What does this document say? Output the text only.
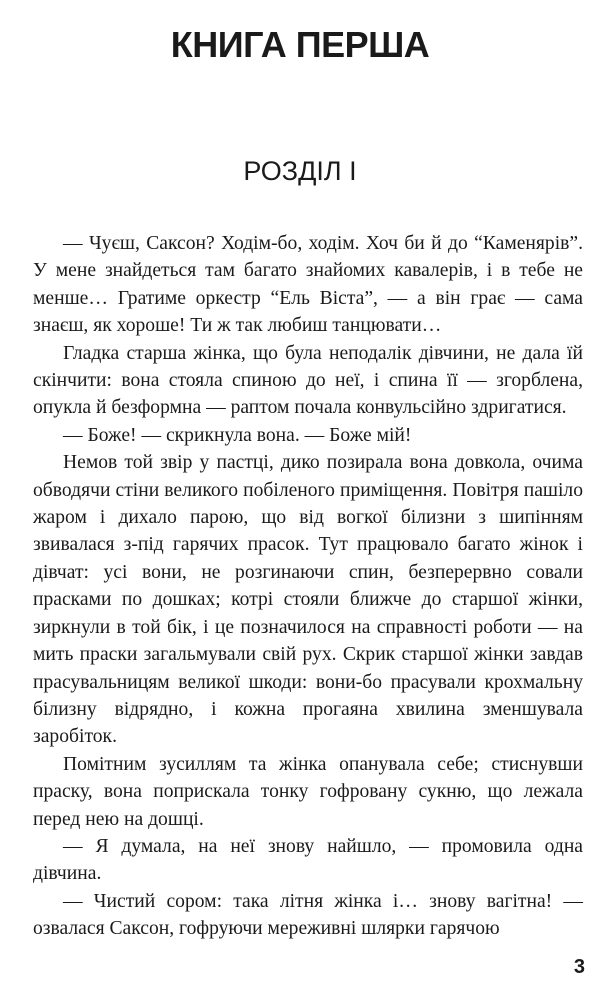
КНИГА ПЕРША
РОЗДІЛ І

— Чуєш, Саксон? Ходім-бо, ходім. Хоч би й до “Каменярів”. У мене знайдеться там багато знайомих кавалерів, і в тебе не менше… Гратиме оркестр “Ель Віста”, — а він грає — сама знаєш, як хороше! Ти ж так любиш танцювати…

Гладка старша жінка, що була неподалік дівчини, не дала їй скінчити: вона стояла спиною до неї, і спина її — згорблена, опукла й безформна — раптом почала конвульсійно здригатися.

— Боже! — скрикнула вона. — Боже мій!

Немов той звір у пастці, дико позирала вона довкола, очима обводячи стіни великого побіленого приміщення. Повітря пашіло жаром і дихало парою, що від вогкої білизни з шипінням звивалася з-під гарячих прасок. Тут працювало багато жінок і дівчат: усі вони, не розгинаючи спин, безперервно совали прасками по дошках; котрі стояли ближче до старшої жінки, зиркнули в той бік, і це позначилося на справності роботи — на мить праски загальмували свій рух. Скрик старшої жінки завдав прасувальницям великої шкоди: вони-бо прасували крохмальну білизну відрядно, і кожна прогаяна хвилина зменшувала заробіток.

Помітним зусиллям та жінка опанувала себе; стиснувши праску, вона поприскала тонку гофровану сукню, що лежала перед нею на дошці.

— Я думала, на неї знову найшло, — промовила одна дівчина.

— Чистий сором: така літня жінка і… знову вагітна! — озвалася Саксон, гофруючи мереживні шлярки гарячою

3
